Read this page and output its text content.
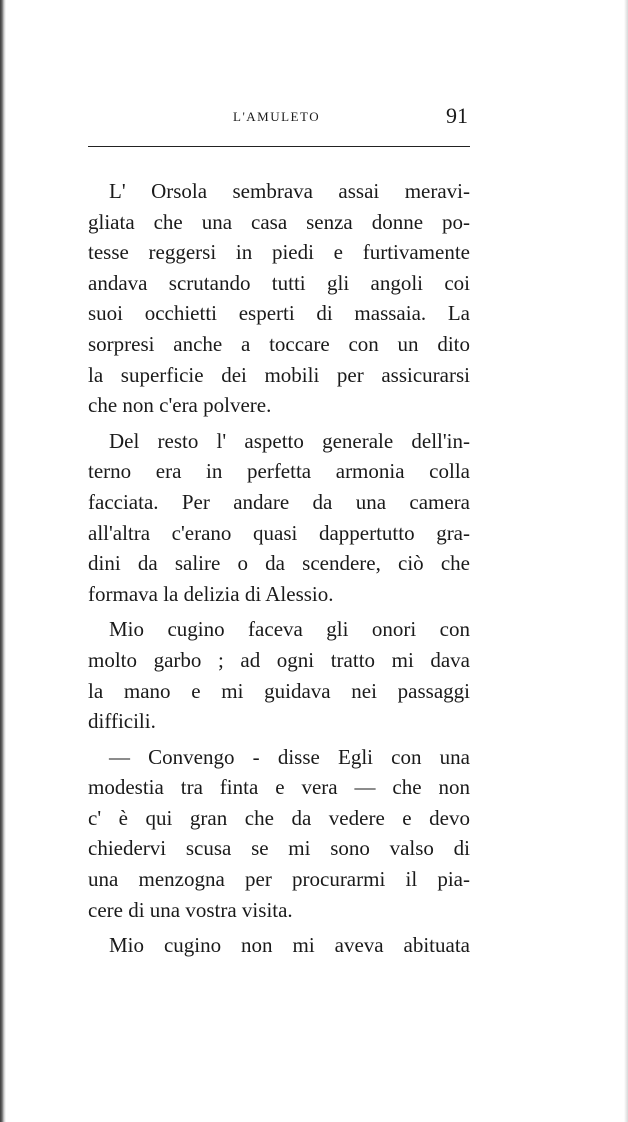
L'AMULETO	91
L' Orsola sembrava assai meravi-
gliata che una casa senza donne po-
tesse reggersi in piedi e furtivamente
andava scrutando tutti gli angoli coi
suoi occhietti esperti di massaia. La
sorpresi anche a toccare con un dito
la superficie dei mobili per assicurarsi
che non c'era polvere.
Del resto l' aspetto generale dell'in-
terno era in perfetta armonia colla
facciata. Per andare da una camera
all'altra c'erano quasi dappertutto gra-
dini da salire o da scendere, ciò che
formava la delizia di Alessio.
Mio cugino faceva gli onori con
molto garbo ; ad ogni tratto mi dava
la mano e mi guidava nei passaggi
difficili.
— Convengo - disse Egli con una
modestia tra finta e vera — che non
c' è qui gran che da vedere e devo
chiedervi scusa se mi sono valso di
una menzogna per procurarmi il pia-
cere di una vostra visita.
Mio cugino non mi aveva abituata
